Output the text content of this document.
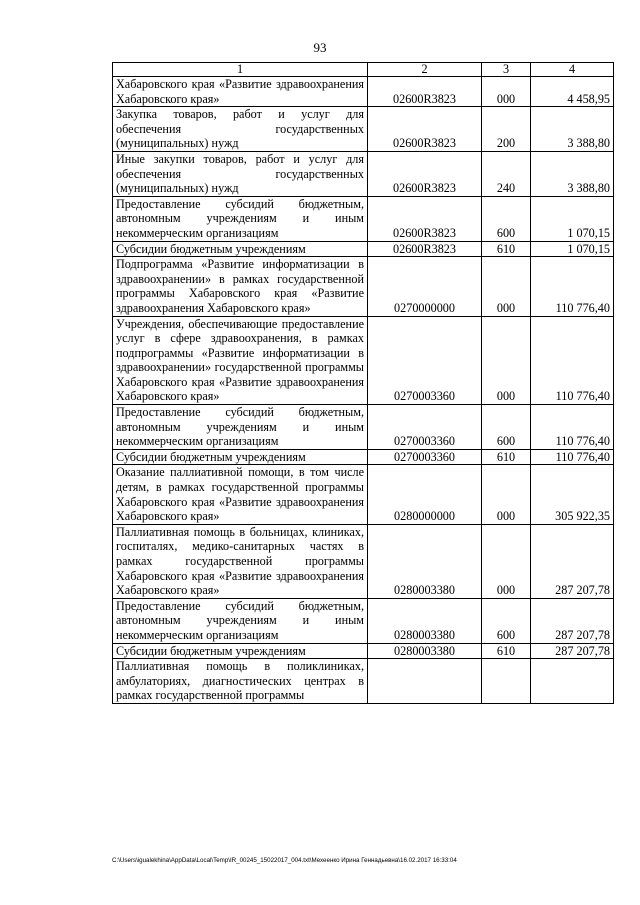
93
1	2	3	4
Хабаровского края «Развитие здравоохранения Хабаровского края»	02600R3823	000	4 458,95
Закупка товаров, работ и услуг для обеспечения государственных (муниципальных) нужд	02600R3823	200	3 388,80
Иные закупки товаров, работ и услуг для обеспечения государственных (муниципальных) нужд	02600R3823	240	3 388,80
Предоставление субсидий бюджетным, автономным учреждениям и иным некоммерческим организациям	02600R3823	600	1 070,15
Субсидии бюджетным учреждениям	02600R3823	610	1 070,15
Подпрограмма «Развитие информатизации в здравоохранении» в рамках государственной программы Хабаровского края «Развитие здравоохранения Хабаровского края»	0270000000	000	110 776,40
Учреждения, обеспечивающие предоставление услуг в сфере здравоохранения, в рамках подпрограммы «Развитие информатизации в здравоохранении» государственной программы Хабаровского края «Развитие здравоохранения Хабаровского края»	0270003360	000	110 776,40
Предоставление субсидий бюджетным, автономным учреждениям и иным некоммерческим организациям	0270003360	600	110 776,40
Субсидии бюджетным учреждениям	0270003360	610	110 776,40
Оказание паллиативной помощи, в том числе детям, в рамках государственной программы Хабаровского края «Развитие здравоохранения Хабаровского края»	0280000000	000	305 922,35
Паллиативная помощь в больницах, клиниках, госпиталях, медико-санитарных частях в рамках государственной программы Хабаровского края «Развитие здравоохранения Хабаровского края»	0280003380	000	287 207,78
Предоставление субсидий бюджетным, автономным учреждениям и иным некоммерческим организациям	0280003380	600	287 207,78
Субсидии бюджетным учреждениям	0280003380	610	287 207,78
Паллиативная помощь в поликлиниках, амбулаториях, диагностических центрах в рамках государственной программы			
C:\Users\igualekhina\AppData\Local\Temp\IR_00245_15022017_004.txt\Мехеенко Ирина Геннадьевна\16.02.2017 16:33:04
